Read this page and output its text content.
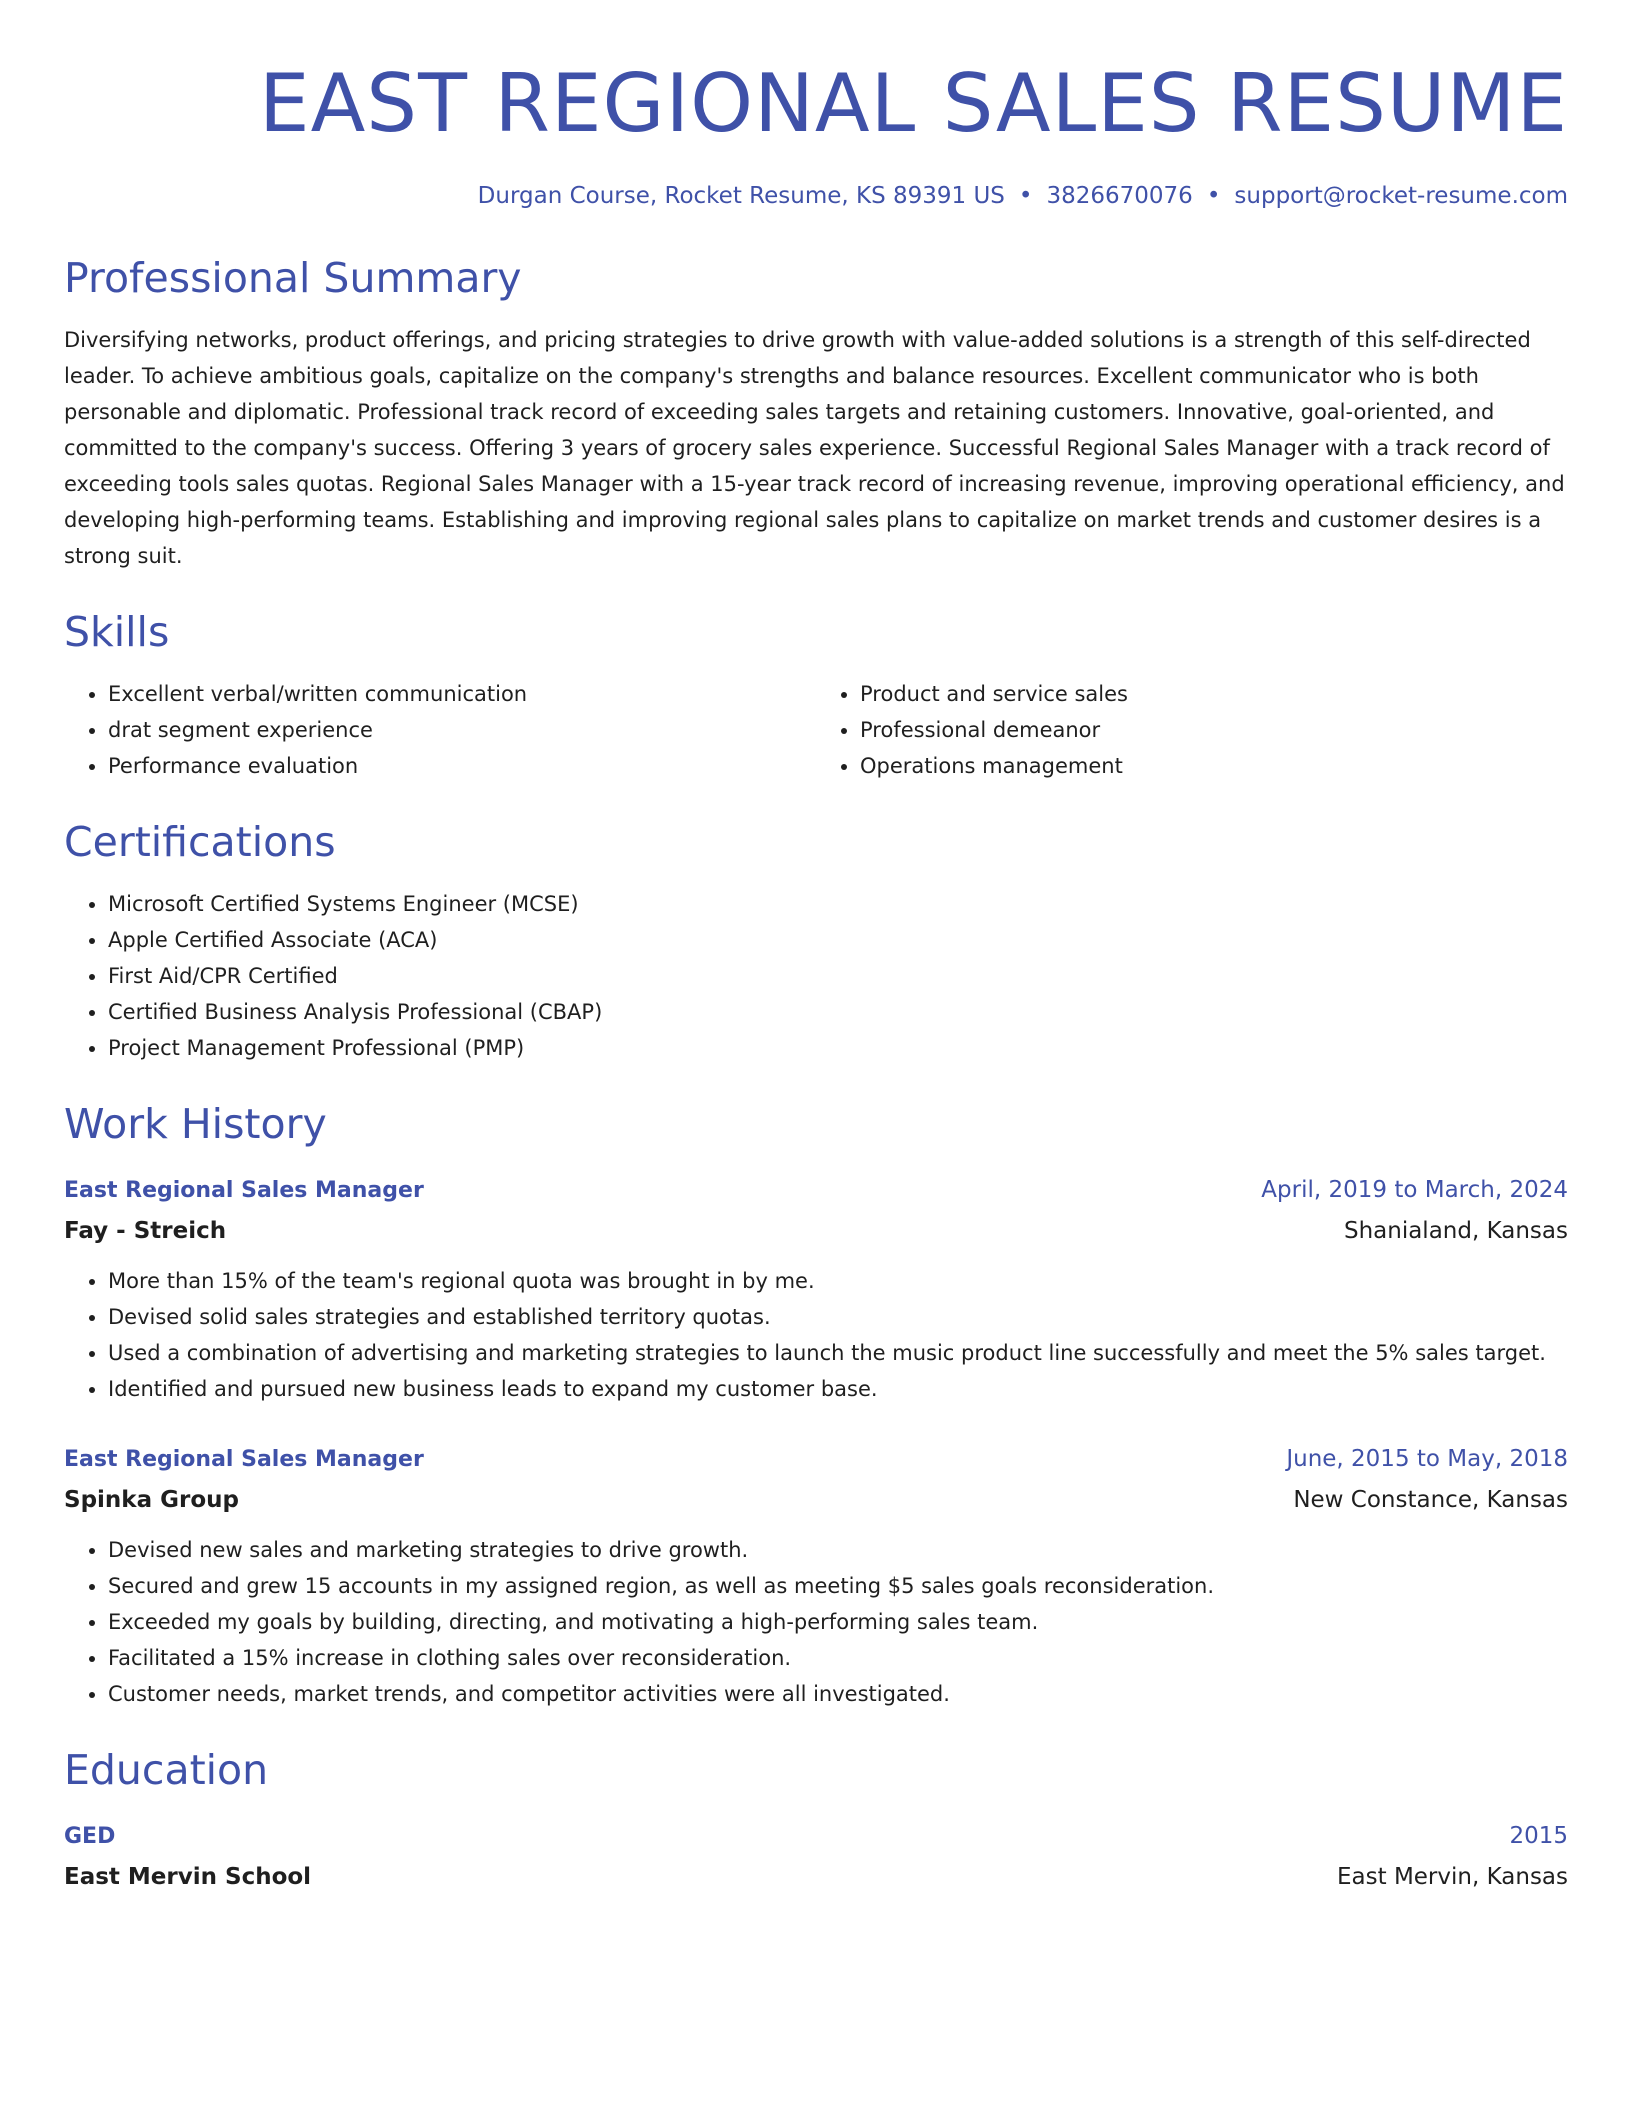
EAST REGIONAL SALES RESUME
Durgan Course, Rocket Resume, KS 89391 US • 3826670076 • support@rocket-resume.com
Professional Summary

Diversifying networks, product offerings, and pricing strategies to drive growth with value-added solutions is a strength of this self-directed leader. To achieve ambitious goals, capitalize on the company's strengths and balance resources. Excellent communicator who is both personable and diplomatic. Professional track record of exceeding sales targets and retaining customers. Innovative, goal-oriented, and committed to the company's success. Offering 3 years of grocery sales experience. Successful Regional Sales Manager with a track record of exceeding tools sales quotas. Regional Sales Manager with a 15-year track record of increasing revenue, improving operational efficiency, and developing high-performing teams. Establishing and improving regional sales plans to capitalize on market trends and customer desires is a strong suit.

Skills
• Excellent verbal/written communication
• drat segment experience
• Performance evaluation
• Product and service sales
• Professional demeanor
• Operations management
Certifications
• Microsoft Certified Systems Engineer (MCSE)
• Apple Certified Associate (ACA)
• First Aid/CPR Certified
• Certified Business Analysis Professional (CBAP)
• Project Management Professional (PMP)
Work History
East Regional Sales Manager	April, 2019 to March, 2024
Fay - Streich	Shanialand, Kansas
• More than 15% of the team's regional quota was brought in by me.
• Devised solid sales strategies and established territory quotas.
• Used a combination of advertising and marketing strategies to launch the music product line successfully and meet the 5% sales target.
• Identified and pursued new business leads to expand my customer base.
East Regional Sales Manager	June, 2015 to May, 2018
Spinka Group	New Constance, Kansas
• Devised new sales and marketing strategies to drive growth.
• Secured and grew 15 accounts in my assigned region, as well as meeting $5 sales goals reconsideration.
• Exceeded my goals by building, directing, and motivating a high-performing sales team.
• Facilitated a 15% increase in clothing sales over reconsideration.
• Customer needs, market trends, and competitor activities were all investigated.
Education
GED	2015
East Mervin School	East Mervin, Kansas
